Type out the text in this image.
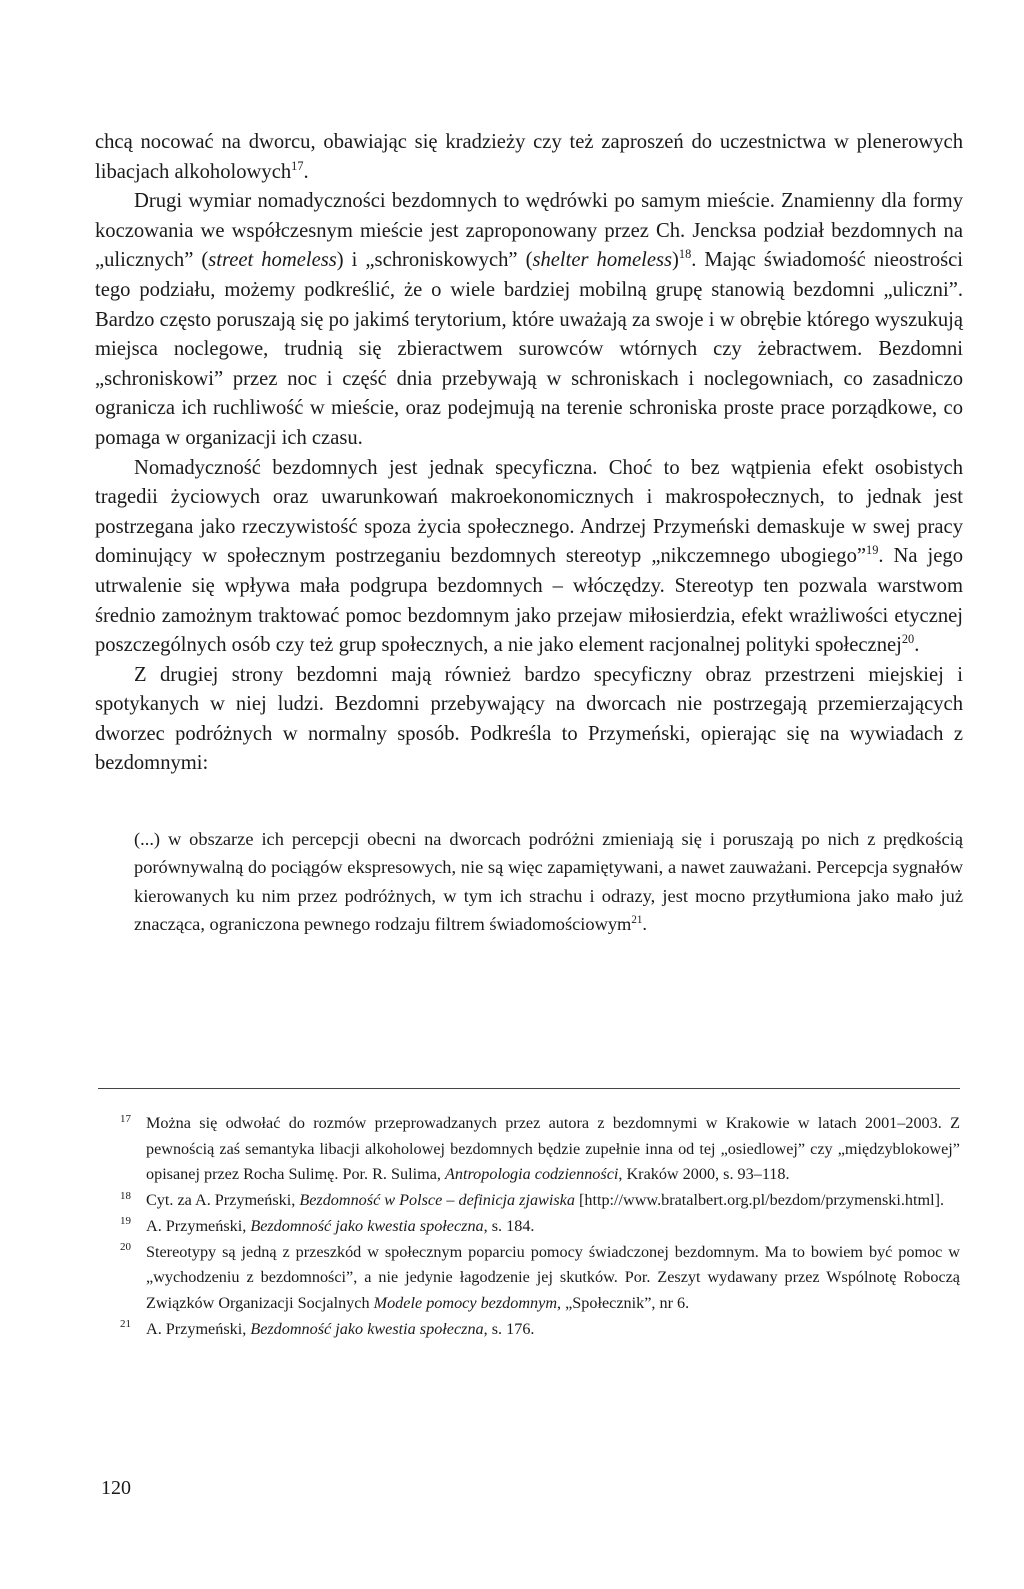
chcą nocować na dworcu, obawiając się kradzieży czy też zaproszeń do uczestnictwa w plenerowych libacjach alkoholowych$^{17}$.

Drugi wymiar nomadyczności bezdomnych to wędrówki po samym mieście. Znamienny dla formy koczowania we współczesnym mieście jest zaproponowany przez Ch. Jencksa podział bezdomnych na „ulicznych” (street homeless) i „schroniskowych” (shelter homeless)$^{18}$. Mając świadomość nieostrości tego podziału, możemy podkreślić, że o wiele bardziej mobilną grupę stanowią bezdomni „uliczni”. Bardzo często poruszają się po jakimś terytorium, które uważają za swoje i w obrębie którego wyszukują miejsca noclegowe, trudnią się zbieractwem surowców wtórnych czy żebractwem. Bezdomni „schroniskowi” przez noc i część dnia przebywają w schroniskach i noclegowniach, co zasadniczo ogranicza ich ruchliwość w mieście, oraz podejmują na terenie schroniska proste prace porządkowe, co pomaga w organizacji ich czasu.

Nomadyczność bezdomnych jest jednak specyficzna. Choć to bez wątpienia efekt osobistych tragedii życiowych oraz uwarunkowań makroekonomicznych i makrospołecznych, to jednak jest postrzegana jako rzeczywistość spoza życia społecznego. Andrzej Przymeński demaskuje w swej pracy dominujący w społecznym postrzeganiu bezdomnych stereotyp „nikczemnego ubogiego”$^{19}$. Na jego utrwalenie się wpływa mała podgrupa bezdomnych – włóczędzy. Stereotyp ten pozwala warstwom średnio zamożnym traktować pomoc bezdomnym jako przejaw miłosierdzia, efekt wrażliwości etycznej poszczególnych osób czy też grup społecznych, a nie jako element racjonalnej polityki społecznej$^{20}$.

Z drugiej strony bezdomni mają również bardzo specyficzny obraz przestrzeni miejskiej i spotykanych w niej ludzi. Bezdomni przebywający na dworcach nie postrzegają przemierzających dworzec podróżnych w normalny sposób. Podkreśla to Przymeński, opierając się na wywiadach z bezdomnymi:

(...) w obszarze ich percepcji obecni na dworcach podróżni zmieniają się i poruszają po nich z prędkością porównywalną do pociągów ekspresowych, nie są więc zapamiętywani, a nawet zauważani. Percepcja sygnałów kierowanych ku nim przez podróżnych, w tym ich strachu i odrazy, jest mocno przytłumiona jako mało już znacząca, ograniczona pewnego rodzaju filtrem świadomościowym$^{21}$.

17 Można się odwołać do rozmów przeprowadzanych przez autora z bezdomnymi w Krakowie w latach 2001–2003. Z pewnością zaś semantyka libacji alkoholowej bezdomnych będzie zupełnie inna od tej „osiedlowej” czy „międzyblokowej” opisanej przez Rocha Sulimę. Por. R. Sulima, Antropologia codzienności, Kraków 2000, s. 93–118.

18 Cyt. za A. Przymeński, Bezdomność w Polsce – definicja zjawiska [http://www.bratalbert.org.pl/bezdom/przymenski.html].

19 A. Przymeński, Bezdomność jako kwestia społeczna, s. 184.

20 Stereotypy są jedną z przeszkód w społecznym poparciu pomocy świadczonej bezdomnym. Ma to bowiem być pomoc w „wychodzeniu z bezdomności”, a nie jedynie łagodzenie jej skutków. Por. Zeszyt wydawany przez Wspólnotę Roboczą Związków Organizacji Socjalnych Modele pomocy bezdomnym, „Społecznik”, nr 6.

21 A. Przymeński, Bezdomność jako kwestia społeczna, s. 176.

120
